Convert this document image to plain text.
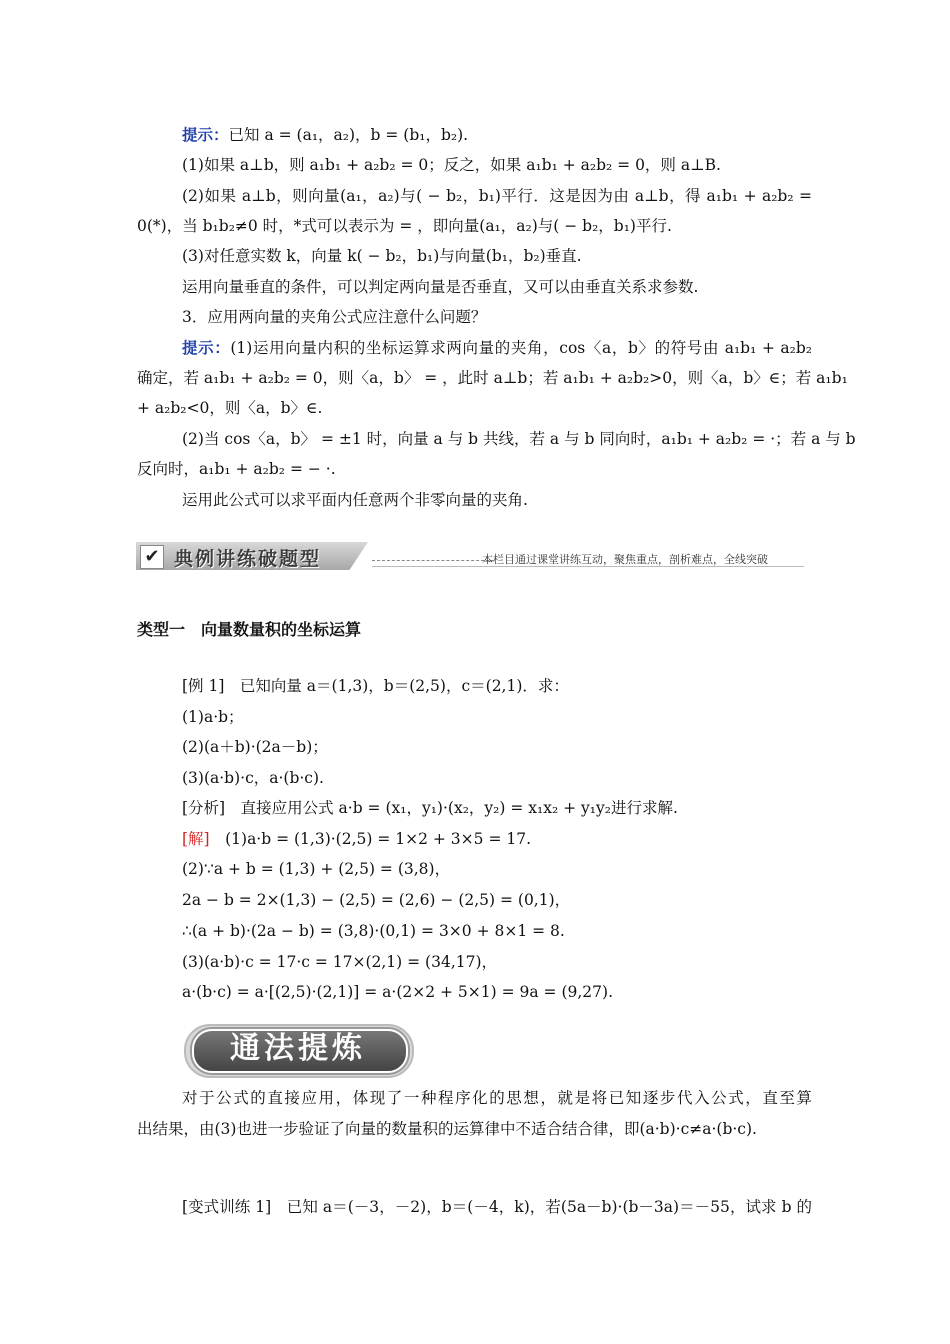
提示：已知 a = (a₁，a₂)，b = (b₁，b₂).
(1)如果 a⊥b，则 a₁b₁ + a₂b₂ = 0；反之，如果 a₁b₁ + a₂b₂ = 0，则 a⊥B.
(2)如果 a⊥b，则向量(a₁，a₂)与( − b₂，b₁)平行．这是因为由 a⊥b，得 a₁b₁ + a₂b₂ =
0(*)，当 b₁b₂≠0 时，*式可以表示为 = ，即向量(a₁，a₂)与( − b₂，b₁)平行.
(3)对任意实数 k，向量 k( − b₂，b₁)与向量(b₁，b₂)垂直.
运用向量垂直的条件，可以判定两向量是否垂直，又可以由垂直关系求参数.
3．应用两向量的夹角公式应注意什么问题？
提示：(1)运用向量内积的坐标运算求两向量的夹角，cos〈a，b〉的符号由 a₁b₁ + a₂b₂
确定，若 a₁b₁ + a₂b₂ = 0，则〈a，b〉 = ，此时 a⊥b；若 a₁b₁ + a₂b₂>0，则〈a，b〉∈；若 a₁b₁
+ a₂b₂<0，则〈a，b〉∈.
(2)当 cos〈a，b〉 = ±1 时，向量 a 与 b 共线，若 a 与 b 同向时，a₁b₁ + a₂b₂ = ·；若 a 与 b
反向时，a₁b₁ + a₂b₂ = − ·.
运用此公式可以求平面内任意两个非零向量的夹角.
✔ 典例讲练破题型	本栏目通过课堂讲练互动，聚焦重点，剖析难点，全线突破
类型一　向量数量积的坐标运算
[例 1]　已知向量 a＝(1,3)，b＝(2,5)，c＝(2,1)．求：
(1)a·b；
(2)(a＋b)·(2a－b)；
(3)(a·b)·c，a·(b·c).
[分析]　直接应用公式 a·b = (x₁，y₁)·(x₂，y₂) = x₁x₂ + y₁y₂进行求解.
[解]　(1)a·b = (1,3)·(2,5) = 1×2 + 3×5 = 17.
(2)∵a + b = (1,3) + (2,5) = (3,8)，
2a − b = 2×(1,3) − (2,5) = (2,6) − (2,5) = (0,1)，
∴(a + b)·(2a − b) = (3,8)·(0,1) = 3×0 + 8×1 = 8.
(3)(a·b)·c = 17·c = 17×(2,1) = (34,17)，
a·(b·c) = a·[(2,5)·(2,1)] = a·(2×2 + 5×1) = 9a = (9,27).
通法提炼
对于公式的直接应用，体现了一种程序化的思想，就是将已知逐步代入公式，直至算
出结果，由(3)也进一步验证了向量的数量积的运算律中不适合结合律，即(a·b)·c≠a·(b·c).
[变式训练 1]　已知 a＝(－3，－2)，b＝(－4，k)，若(5a－b)·(b－3a)＝－55，试求 b 的
